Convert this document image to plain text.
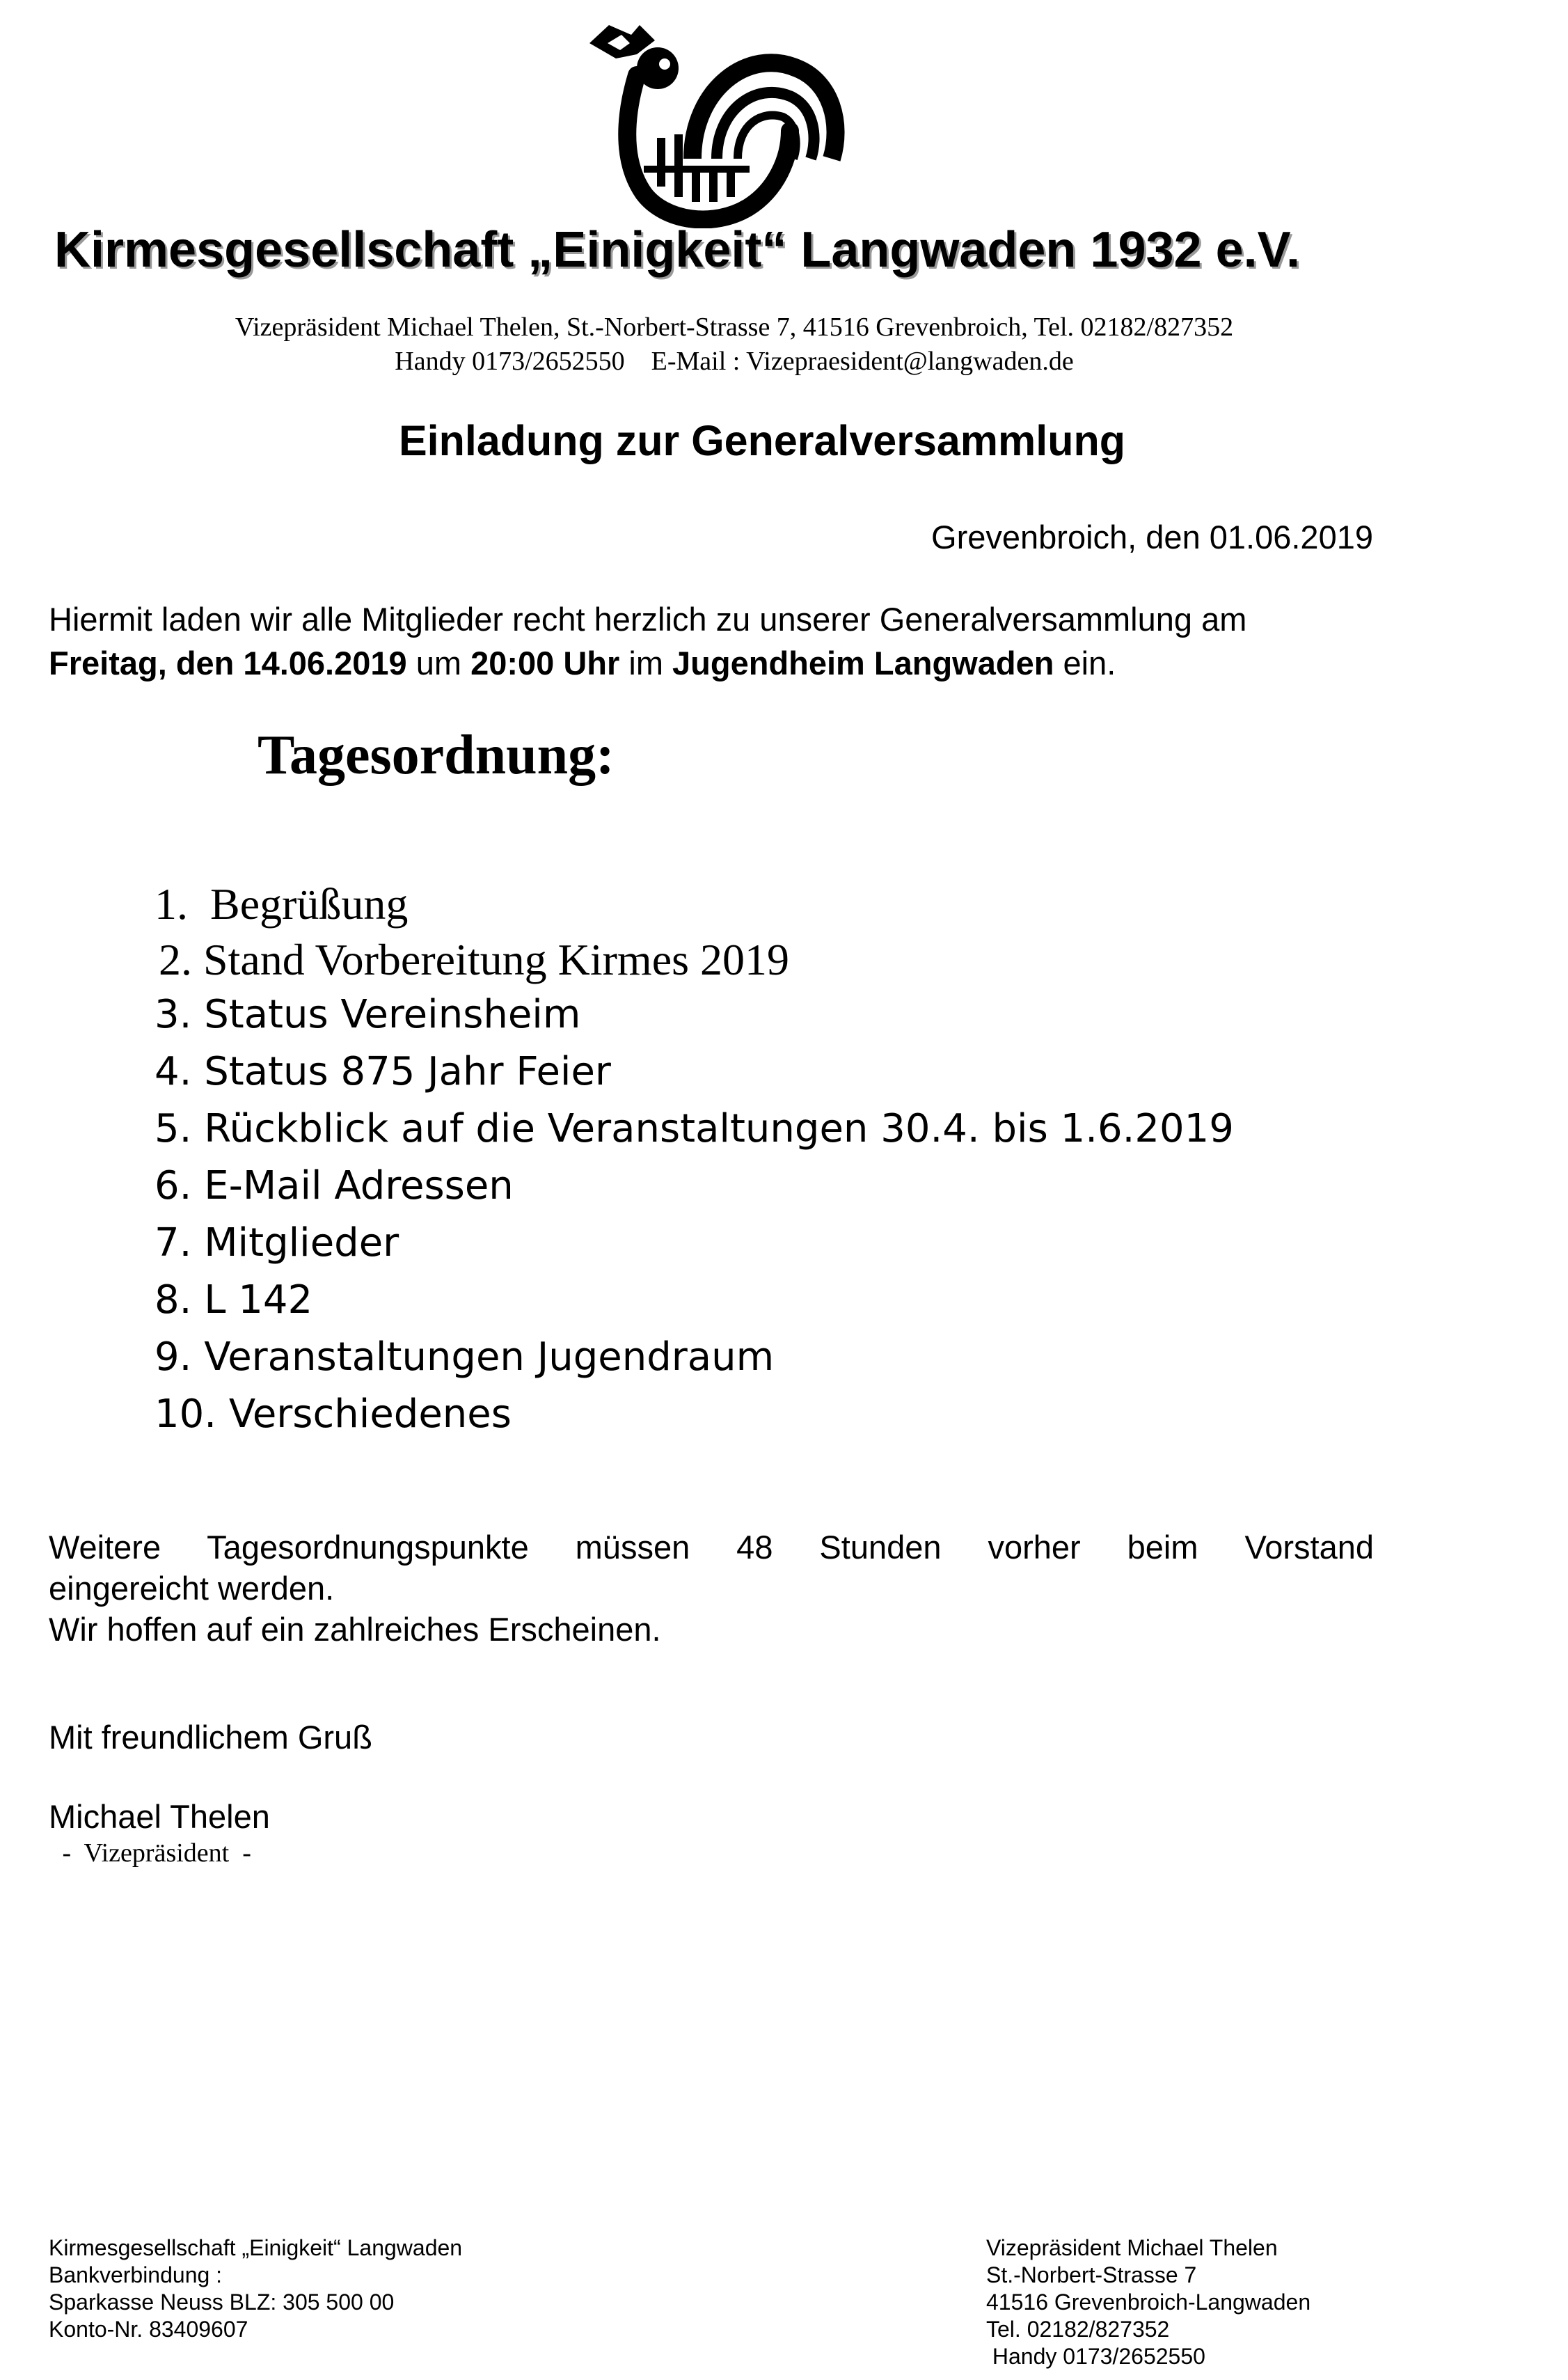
Kirmesgesellschaft „Einigkeit“ Langwaden 1932 e.V.
Vizepräsident Michael Thelen, St.-Norbert-Strasse 7, 41516 Grevenbroich, Tel. 02182/827352
Handy 0173/2652550    E-Mail : Vizepraesident@langwaden.de
Einladung zur Generalversammlung
Grevenbroich, den 01.06.2019
Hiermit laden wir alle Mitglieder recht herzlich zu unserer Generalversammlung am
Freitag, den 14.06.2019 um 20:00 Uhr im Jugendheim Langwaden ein.
Tagesordnung:
1.  Begrüßung
2. Stand Vorbereitung Kirmes 2019
3. Status Vereinsheim
4. Status 875 Jahr Feier
5. Rückblick auf die Veranstaltungen 30.4. bis 1.6.2019
6. E-Mail Adressen
7. Mitglieder
8. L 142
9. Veranstaltungen Jugendraum
10. Verschiedenes
Weitere Tagesordnungspunkte müssen 48 Stunden vorher beim Vorstand
eingereicht werden.
Wir hoffen auf ein zahlreiches Erscheinen.
Mit freundlichem Gruß
Michael Thelen
-  Vizepräsident  -
Kirmesgesellschaft „Einigkeit“ Langwaden
Bankverbindung :
Sparkasse Neuss BLZ: 305 500 00
Konto-Nr. 83409607
Vizepräsident Michael Thelen
St.-Norbert-Strasse 7
41516 Grevenbroich-Langwaden
Tel. 02182/827352
Handy 0173/2652550
